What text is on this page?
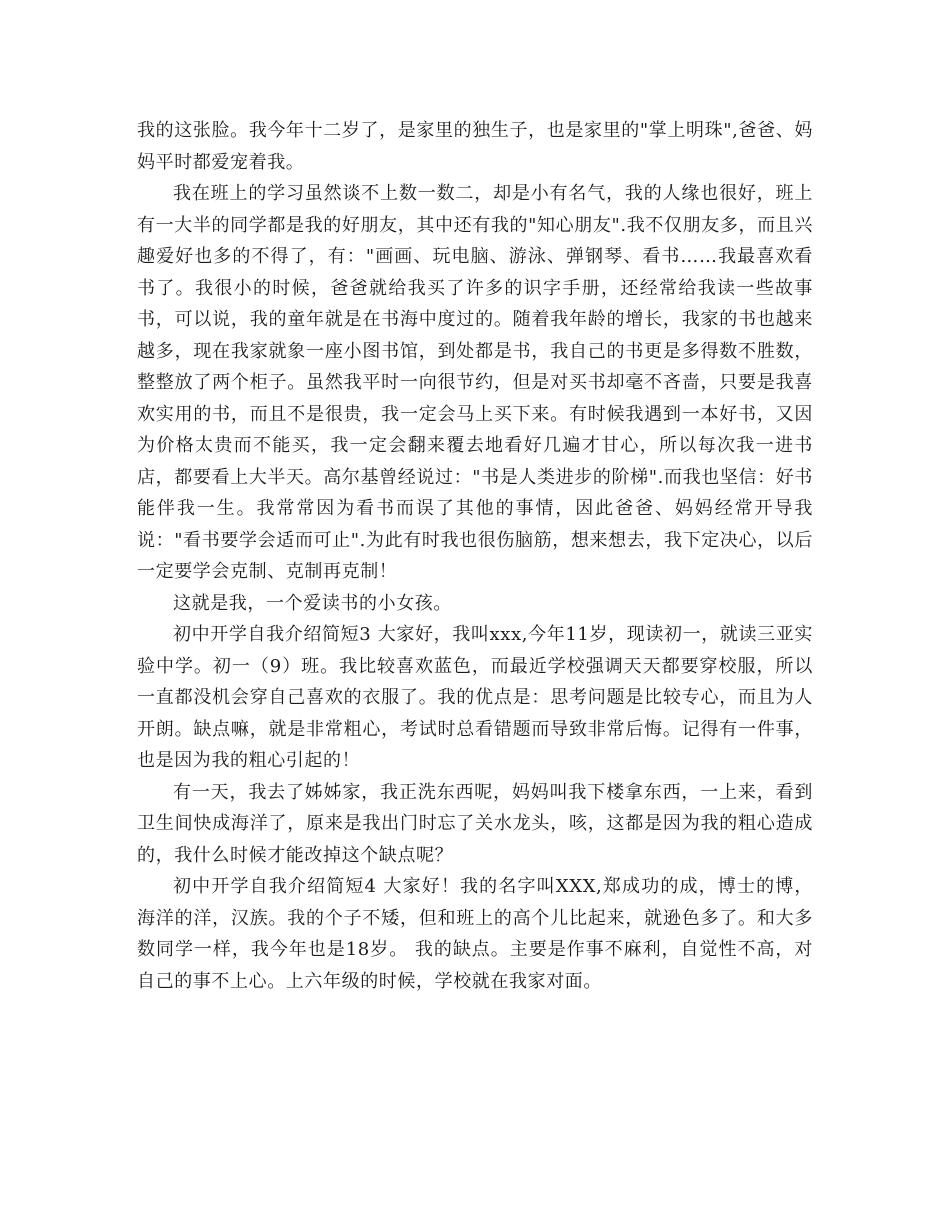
我的这张脸。我今年十二岁了，是家里的独生子，也是家里的"掌上明珠",爸爸、妈妈平时都爱宠着我。

我在班上的学习虽然谈不上数一数二，却是小有名气，我的人缘也很好，班上有一大半的同学都是我的好朋友，其中还有我的"知心朋友".我不仅朋友多，而且兴趣爱好也多的不得了，有："画画、玩电脑、游泳、弹钢琴、看书……我最喜欢看书了。我很小的时候，爸爸就给我买了许多的识字手册，还经常给我读一些故事书，可以说，我的童年就是在书海中度过的。随着我年龄的增长，我家的书也越来越多，现在我家就象一座小图书馆，到处都是书，我自己的书更是多得数不胜数，整整放了两个柜子。虽然我平时一向很节约，但是对买书却毫不吝啬，只要是我喜欢实用的书，而且不是很贵，我一定会马上买下来。有时候我遇到一本好书，又因为价格太贵而不能买，我一定会翻来覆去地看好几遍才甘心，所以每次我一进书店，都要看上大半天。高尔基曾经说过："书是人类进步的阶梯".而我也坚信：好书能伴我一生。我常常因为看书而误了其他的事情，因此爸爸、妈妈经常开导我说："看书要学会适而可止".为此有时我也很伤脑筋，想来想去，我下定决心，以后一定要学会克制、克制再克制！

这就是我，一个爱读书的小女孩。

初中开学自我介绍简短3 大家好，我叫xxx,今年11岁，现读初一，就读三亚实验中学。初一（9）班。我比较喜欢蓝色，而最近学校强调天天都要穿校服，所以一直都没机会穿自己喜欢的衣服了。我的优点是：思考问题是比较专心，而且为人开朗。缺点嘛，就是非常粗心，考试时总看错题而导致非常后悔。记得有一件事，也是因为我的粗心引起的！

有一天，我去了姊姊家，我正洗东西呢，妈妈叫我下楼拿东西，一上来，看到卫生间快成海洋了，原来是我出门时忘了关水龙头，咳，这都是因为我的粗心造成的，我什么时候才能改掉这个缺点呢？

初中开学自我介绍简短4 大家好！我的名字叫XXX,郑成功的成，博士的博，海洋的洋，汉族。我的个子不矮，但和班上的高个儿比起来，就逊色多了。和大多数同学一样，我今年也是18岁。 我的缺点。主要是作事不麻利，自觉性不高，对自己的事不上心。上六年级的时候，学校就在我家对面。
